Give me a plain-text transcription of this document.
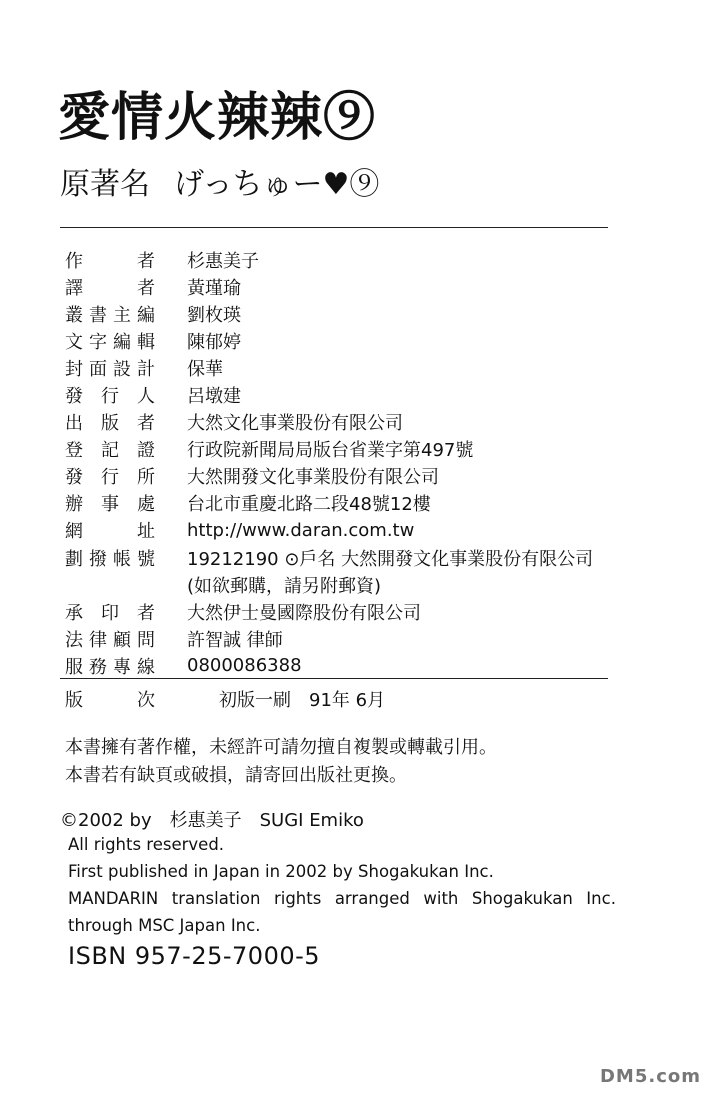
愛情火辣辣⑨
原著名 げっちゅー♥⑨
作	者 杉惠美子
譯	者 黃瑾瑜
叢 書 主 編 劉枚瑛
文 字 編 輯 陳郁婷
封 面 設 計 保華
發 行 人 呂墩建
出 版 者 大然文化事業股份有限公司
登 記 證 行政院新聞局局版台省業字第497號
發 行 所 大然開發文化事業股份有限公司
辦 事 處 台北市重慶北路二段48號12樓
網	址 http://www.daran.com.tw
劃 撥 帳 號 19212190 ⊙戶名 大然開發文化事業股份有限公司
(如欲郵購，請另附郵資)
承 印 者 大然伊士曼國際股份有限公司
法 律 顧 問 許智誠 律師
服 務 專 線 0800086388
版	次	初版一刷　91年 6月
本書擁有著作權，未經許可請勿擅自複製或轉載引用。
本書若有缺頁或破損，請寄回出版社更換。
©2002 by 杉惠美子 SUGI Emiko
All rights reserved.
First published in Japan in 2002 by Shogakukan Inc.
MANDARIN translation rights arranged with Shogakukan Inc.
through MSC Japan Inc.
ISBN 957-25-7000-5
DM5.com
